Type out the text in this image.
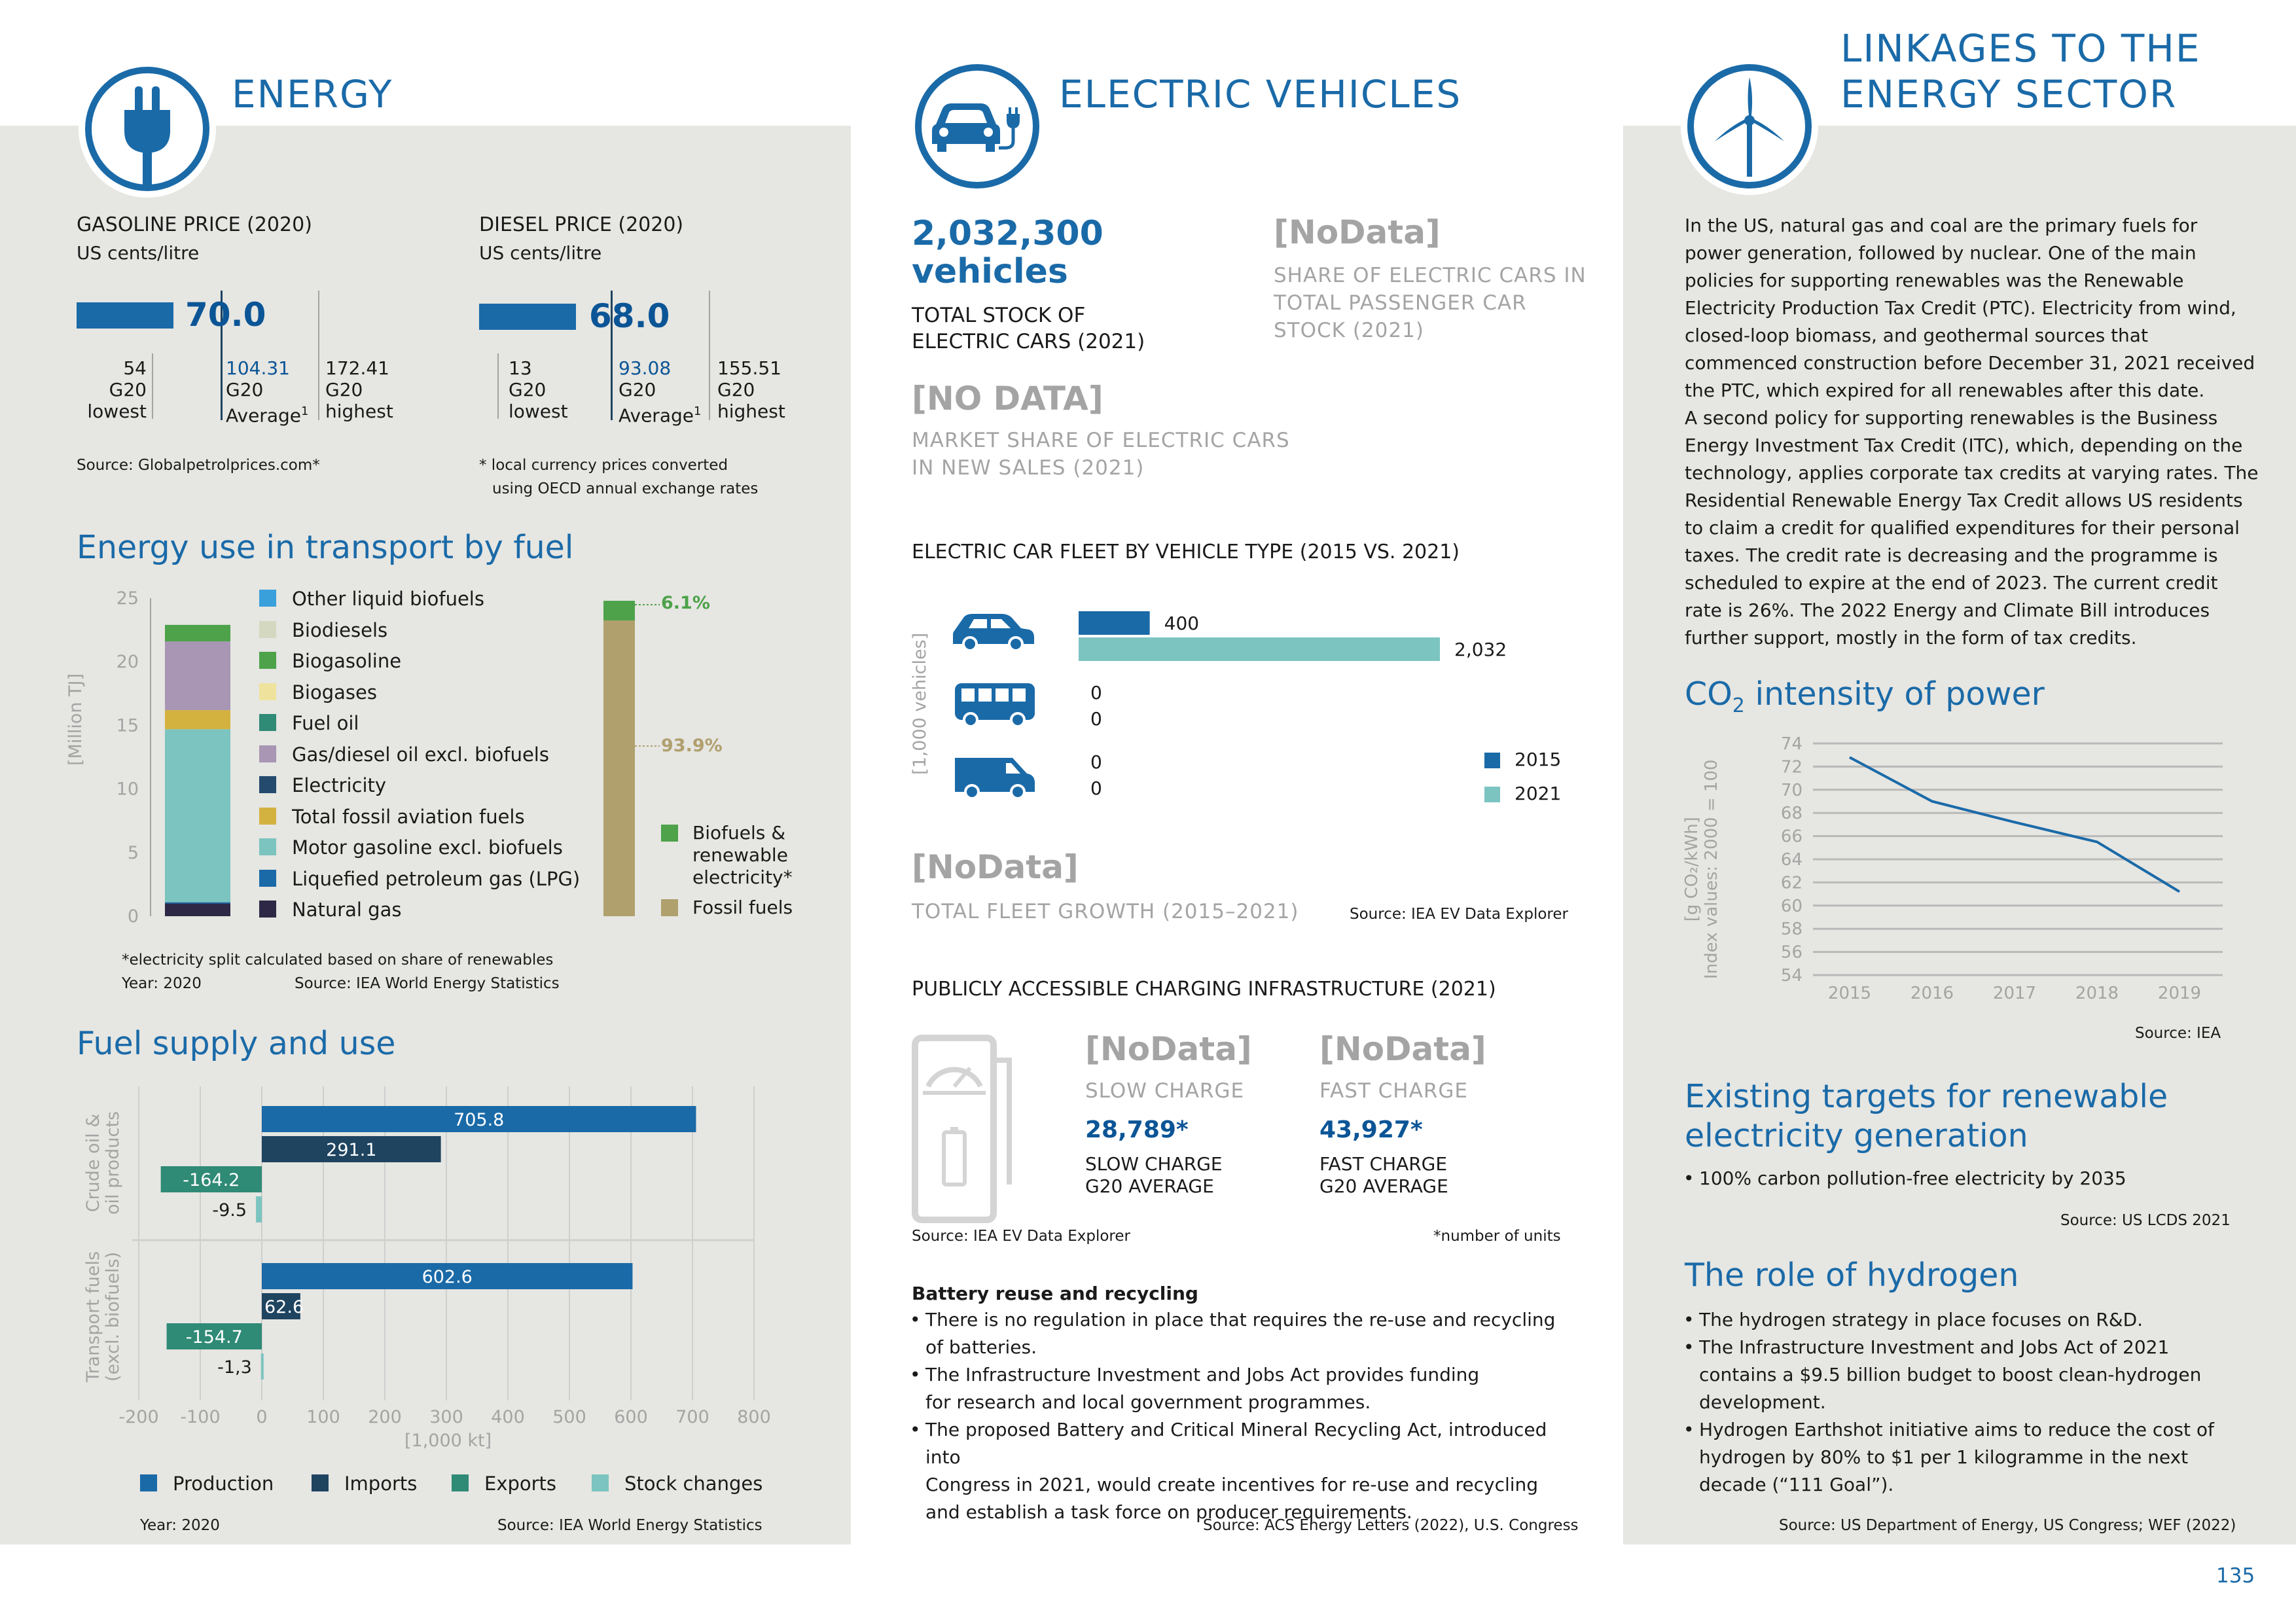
ENERGY	ELECTRIC VEHICLES
LINKAGES TO THE
ENERGY SECTOR
GASOLINE PRICE (2020)
US cents/litre
70.0
54
G20
lowest
104.31
G20
Average$^1$
172.41
G20
highest
Source: Globalpetrolprices.com*
DIESEL PRICE (2020)
US cents/litre
68.0
13
G20
lowest
93.08
G20
Average$^1$
155.51
G20
highest
* local currency prices converted
using OECD annual exchange rates
Energy use in transport by fuel
[Million TJ]
25
20
15
10
5
0
Other liquid biofuels
Biodiesels
Biogasoline
Biogases
Fuel oil
Gas/diesel oil excl. biofuels
Electricity
Total fossil aviation fuels
Motor gasoline excl. biofuels
Liquefied petroleum gas (LPG)
Natural gas
6.1%
93.9%
Biofuels &
renewable
electricity*
Fossil fuels
*electricity split calculated based on share of renewables
Year: 2020	Source: IEA World Energy Statistics
Fuel supply and use
-200 -100 0 100 200 300 400 500 600 700 800
705.8
291.1
-164.2
-9.5
602.6
62.6
-154.7
-1,3
Crude oil & oil products
Transport fuels (excl. biofuels)
[1,000 kt]
Production	Imports	Exports	Stock changes
Year: 2020	Source: IEA World Energy Statistics
2,032,300
vehicles
TOTAL STOCK OF
ELECTRIC CARS (2021)
[NoData]
SHARE OF ELECTRIC CARS IN
TOTAL PASSENGER CAR
STOCK (2021)
[NO DATA]
MARKET SHARE OF ELECTRIC CARS
IN NEW SALES (2021)
ELECTRIC CAR FLEET BY VEHICLE TYPE (2015 VS. 2021)
[1,000 vehicles]
400
2,032
0
0
0
0
2015
2021
[NoData]
TOTAL FLEET GROWTH (2015–2021)	Source: IEA EV Data Explorer
PUBLICLY ACCESSIBLE CHARGING INFRASTRUCTURE (2021)
[NoData]
SLOW CHARGE
28,789*
SLOW CHARGE
G20 AVERAGE
[NoData]
FAST CHARGE
43,927*
FAST CHARGE
G20 AVERAGE
Source: IEA EV Data Explorer	*number of units
Battery reuse and recycling
• There is no regulation in place that requires the re-use and recycling
of batteries.
• The Infrastructure Investment and Jobs Act provides funding
for research and local government programmes.
• The proposed Battery and Critical Mineral Recycling Act, introduced into
Congress in 2021, would create incentives for re-use and recycling
and establish a task force on producer requirements.
Source: ACS Energy Letters (2022), U.S. Congress
In the US, natural gas and coal are the primary fuels for
power generation, followed by nuclear. One of the main
policies for supporting renewables was the Renewable
Electricity Production Tax Credit (PTC). Electricity from wind,
closed-loop biomass, and geothermal sources that
commenced construction before December 31, 2021 received
the PTC, which expired for all renewables after this date.
A second policy for supporting renewables is the Business
Energy Investment Tax Credit (ITC), which, depending on the
technology, applies corporate tax credits at varying rates. The
Residential Renewable Energy Tax Credit allows US residents
to claim a credit for qualified expenditures for their personal
taxes. The credit rate is decreasing and the programme is
scheduled to expire at the end of 2023. The current credit
rate is 26%. The 2022 Energy and Climate Bill introduces
further support, mostly in the form of tax credits.
$CO_2$ intensity of power
[g CO₂/kWh] Index values: 2000 = 100
74
72
70
68
66
64
62
60
58
56
54
2015 2016 2017 2018 2019
Source: IEA
Existing targets for renewable
electricity generation
• 100% carbon pollution-free electricity by 2035
Source: US LCDS 2021
The role of hydrogen
• The hydrogen strategy in place focuses on R&D.
• The Infrastructure Investment and Jobs Act of 2021
contains a $9.5 billion budget to boost clean-hydrogen
development.
• Hydrogen Earthshot initiative aims to reduce the cost of
hydrogen by 80% to $1 per 1 kilogramme in the next
decade (“111 Goal”).
Source: US Department of Energy, US Congress; WEF (2022)
135
